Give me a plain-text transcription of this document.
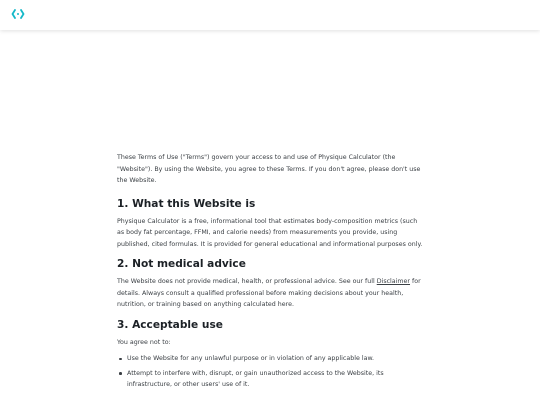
These Terms of Use ("Terms") govern your access to and use of Physique Calculator (the "Website"). By using the Website, you agree to these Terms. If you don't agree, please don't use the Website.

1. What this Website is

Physique Calculator is a free, informational tool that estimates body-composition metrics (such as body fat percentage, FFMI, and calorie needs) from measurements you provide, using published, cited formulas. It is provided for general educational and informational purposes only.

2. Not medical advice

The Website does not provide medical, health, or professional advice. See our full Disclaimer for details. Always consult a qualified professional before making decisions about your health, nutrition, or training based on anything calculated here.

3. Acceptable use

You agree not to:

Use the Website for any unlawful purpose or in violation of any applicable law.
Attempt to interfere with, disrupt, or gain unauthorized access to the Website, its infrastructure, or other users' use of it.
